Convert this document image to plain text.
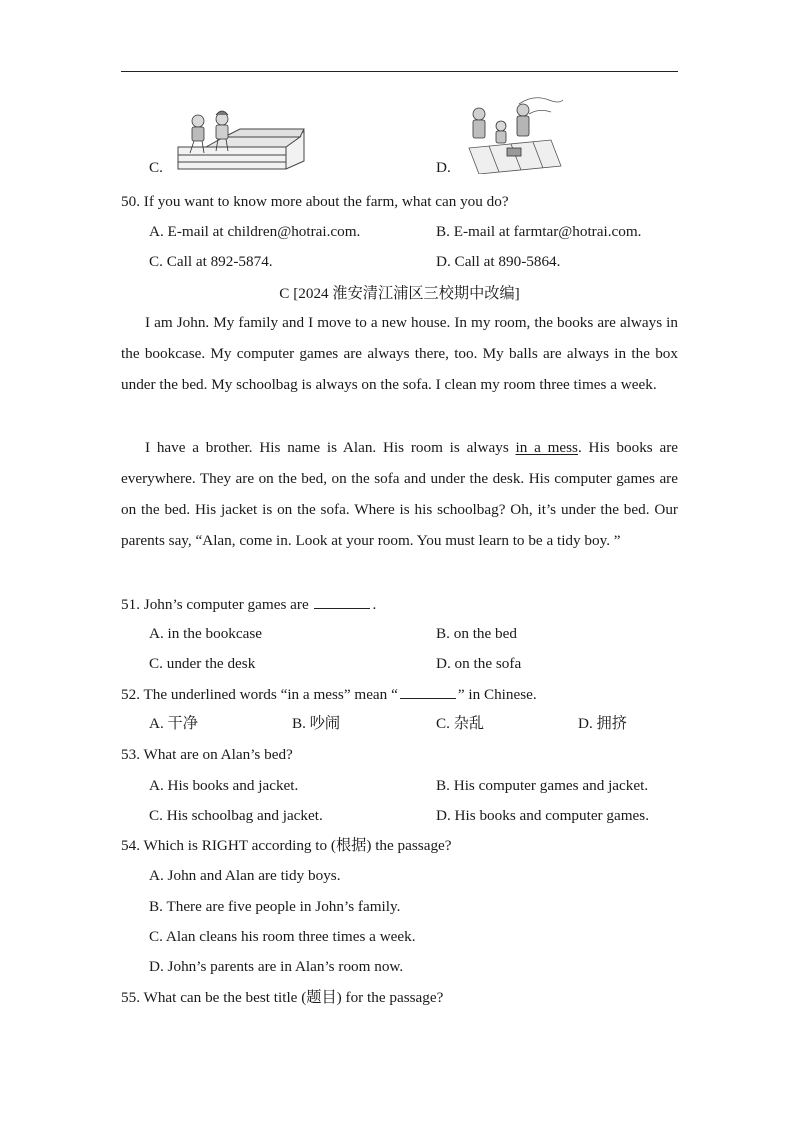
C.	D.
50. If you want to know more about the farm, what can you do?
A. E-mail at children@hotrai.com.	B. E-mail at farmtar@hotrai.com.
C. Call at 892-5874.	D. Call at 890-5864.
C [2024 淮安清江浦区三校期中改编]
I am John. My family and I move to a new house. In my room, the books are always in the bookcase. My computer games are always there, too. My balls are always in the box under the bed. My schoolbag is always on the sofa. I clean my room three times a week.
I have a brother. His name is Alan. His room is always in a mess. His books are everywhere. They are on the bed, on the sofa and under the desk. His computer games are on the bed. His jacket is on the sofa. Where is his schoolbag? Oh, it’s under the bed. Our parents say, “Alan, come in. Look at your room. You must learn to be a tidy boy. ”
51. John’s computer games are	.
A. in the bookcase	B. on the bed
C. under the desk	D. on the sofa
52. The underlined words “in a mess” mean “	” in Chinese.
A. 干净	B. 吵闹	C. 杂乱	D. 拥挤
53. What are on Alan’s bed?
A. His books and jacket.	B. His computer games and jacket.
C. His schoolbag and jacket.	D. His books and computer games.
54. Which is RIGHT according to (根据) the passage?
A. John and Alan are tidy boys.
B. There are five people in John’s family.
C. Alan cleans his room three times a week.
D. John’s parents are in Alan’s room now.
55. What can be the best title (题目) for the passage?
